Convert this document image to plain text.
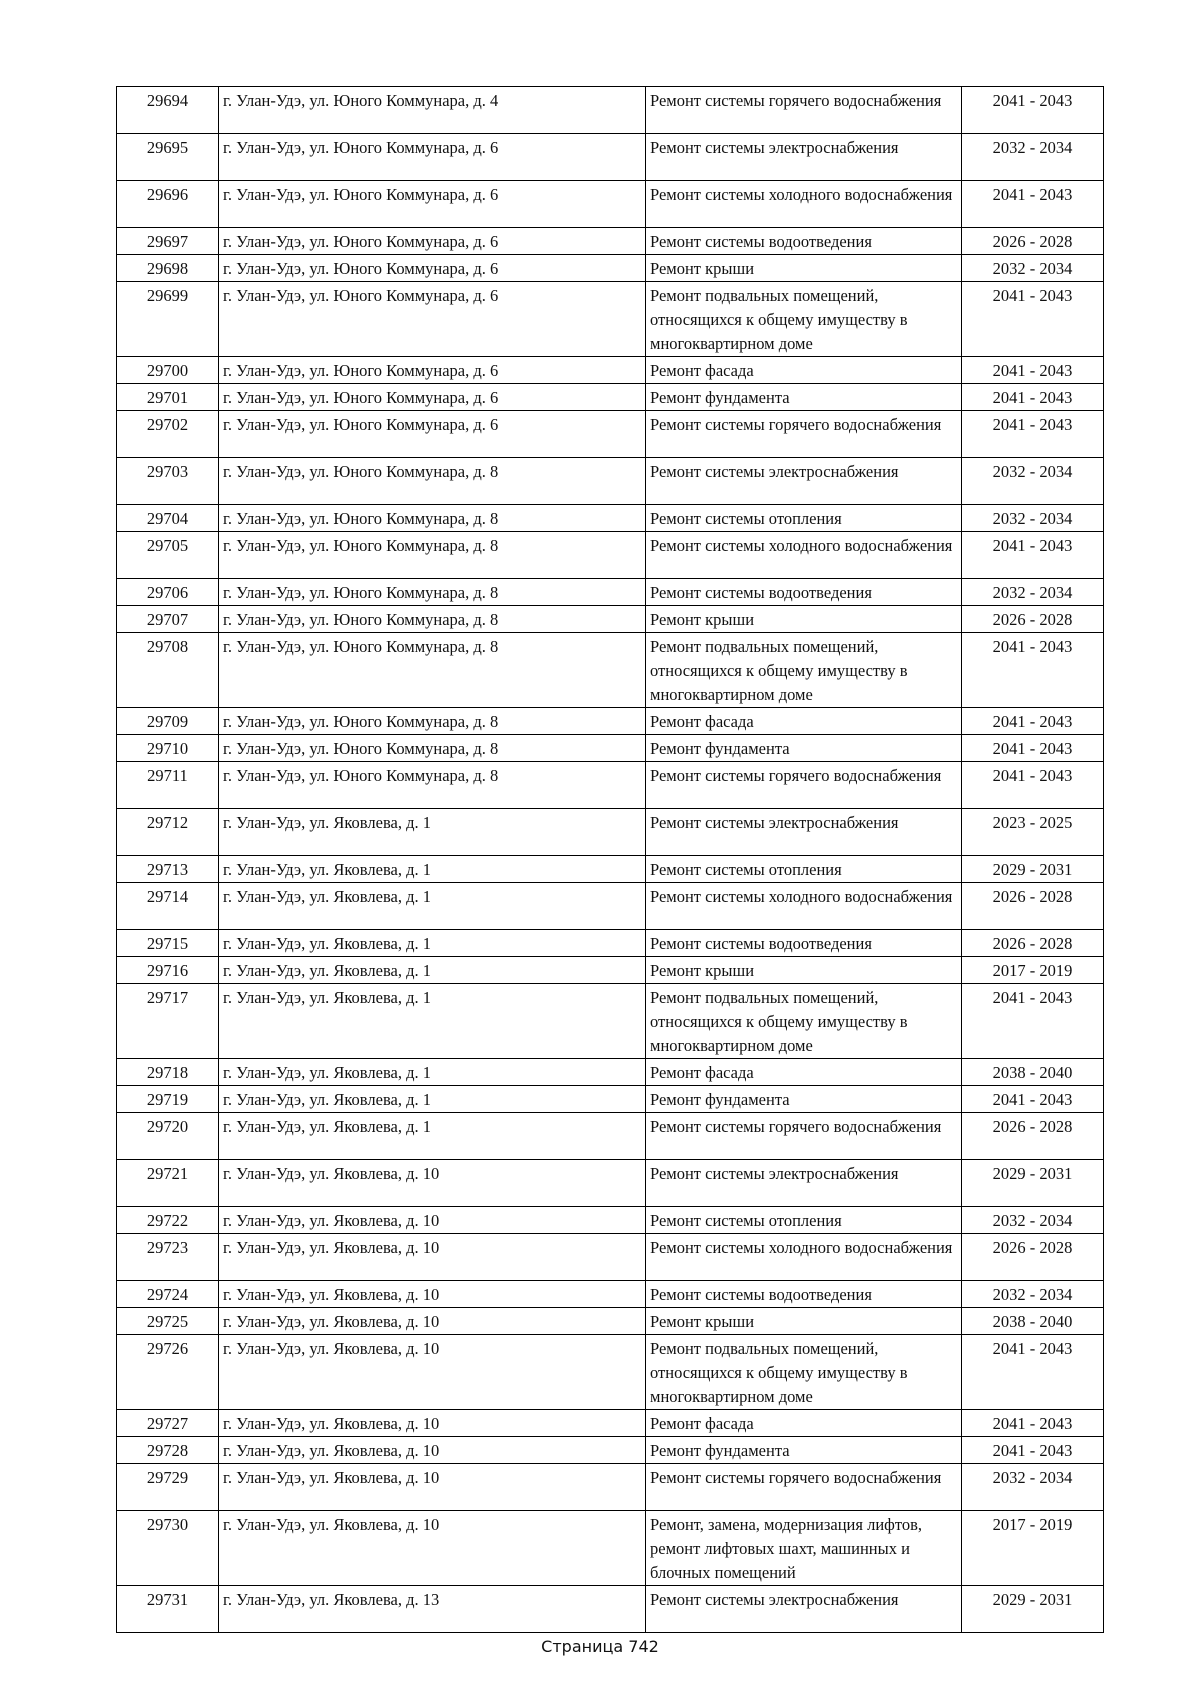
29694	г. Улан-Удэ, ул. Юного Коммунара, д. 4	Ремонт системы горячего водоснабжения	2041 - 2043
29695	г. Улан-Удэ, ул. Юного Коммунара, д. 6	Ремонт системы электроснабжения	2032 - 2034
29696	г. Улан-Удэ, ул. Юного Коммунара, д. 6	Ремонт системы холодного водоснабжения	2041 - 2043
29697	г. Улан-Удэ, ул. Юного Коммунара, д. 6	Ремонт системы водоотведения	2026 - 2028
29698	г. Улан-Удэ, ул. Юного Коммунара, д. 6	Ремонт крыши	2032 - 2034
29699	г. Улан-Удэ, ул. Юного Коммунара, д. 6	Ремонт подвальных помещений, относящихся к общему имуществу в многоквартирном доме	2041 - 2043
29700	г. Улан-Удэ, ул. Юного Коммунара, д. 6	Ремонт фасада	2041 - 2043
29701	г. Улан-Удэ, ул. Юного Коммунара, д. 6	Ремонт фундамента	2041 - 2043
29702	г. Улан-Удэ, ул. Юного Коммунара, д. 6	Ремонт системы горячего водоснабжения	2041 - 2043
29703	г. Улан-Удэ, ул. Юного Коммунара, д. 8	Ремонт системы электроснабжения	2032 - 2034
29704	г. Улан-Удэ, ул. Юного Коммунара, д. 8	Ремонт системы отопления	2032 - 2034
29705	г. Улан-Удэ, ул. Юного Коммунара, д. 8	Ремонт системы холодного водоснабжения	2041 - 2043
29706	г. Улан-Удэ, ул. Юного Коммунара, д. 8	Ремонт системы водоотведения	2032 - 2034
29707	г. Улан-Удэ, ул. Юного Коммунара, д. 8	Ремонт крыши	2026 - 2028
29708	г. Улан-Удэ, ул. Юного Коммунара, д. 8	Ремонт подвальных помещений, относящихся к общему имуществу в многоквартирном доме	2041 - 2043
29709	г. Улан-Удэ, ул. Юного Коммунара, д. 8	Ремонт фасада	2041 - 2043
29710	г. Улан-Удэ, ул. Юного Коммунара, д. 8	Ремонт фундамента	2041 - 2043
29711	г. Улан-Удэ, ул. Юного Коммунара, д. 8	Ремонт системы горячего водоснабжения	2041 - 2043
29712	г. Улан-Удэ, ул. Яковлева, д. 1	Ремонт системы электроснабжения	2023 - 2025
29713	г. Улан-Удэ, ул. Яковлева, д. 1	Ремонт системы отопления	2029 - 2031
29714	г. Улан-Удэ, ул. Яковлева, д. 1	Ремонт системы холодного водоснабжения	2026 - 2028
29715	г. Улан-Удэ, ул. Яковлева, д. 1	Ремонт системы водоотведения	2026 - 2028
29716	г. Улан-Удэ, ул. Яковлева, д. 1	Ремонт крыши	2017 - 2019
29717	г. Улан-Удэ, ул. Яковлева, д. 1	Ремонт подвальных помещений, относящихся к общему имуществу в многоквартирном доме	2041 - 2043
29718	г. Улан-Удэ, ул. Яковлева, д. 1	Ремонт фасада	2038 - 2040
29719	г. Улан-Удэ, ул. Яковлева, д. 1	Ремонт фундамента	2041 - 2043
29720	г. Улан-Удэ, ул. Яковлева, д. 1	Ремонт системы горячего водоснабжения	2026 - 2028
29721	г. Улан-Удэ, ул. Яковлева, д. 10	Ремонт системы электроснабжения	2029 - 2031
29722	г. Улан-Удэ, ул. Яковлева, д. 10	Ремонт системы отопления	2032 - 2034
29723	г. Улан-Удэ, ул. Яковлева, д. 10	Ремонт системы холодного водоснабжения	2026 - 2028
29724	г. Улан-Удэ, ул. Яковлева, д. 10	Ремонт системы водоотведения	2032 - 2034
29725	г. Улан-Удэ, ул. Яковлева, д. 10	Ремонт крыши	2038 - 2040
29726	г. Улан-Удэ, ул. Яковлева, д. 10	Ремонт подвальных помещений, относящихся к общему имуществу в многоквартирном доме	2041 - 2043
29727	г. Улан-Удэ, ул. Яковлева, д. 10	Ремонт фасада	2041 - 2043
29728	г. Улан-Удэ, ул. Яковлева, д. 10	Ремонт фундамента	2041 - 2043
29729	г. Улан-Удэ, ул. Яковлева, д. 10	Ремонт системы горячего водоснабжения	2032 - 2034
29730	г. Улан-Удэ, ул. Яковлева, д. 10	Ремонт, замена, модернизация лифтов, ремонт лифтовых шахт, машинных и блочных помещений	2017 - 2019
29731	г. Улан-Удэ, ул. Яковлева, д. 13	Ремонт системы электроснабжения	2029 - 2031
Страница 742
